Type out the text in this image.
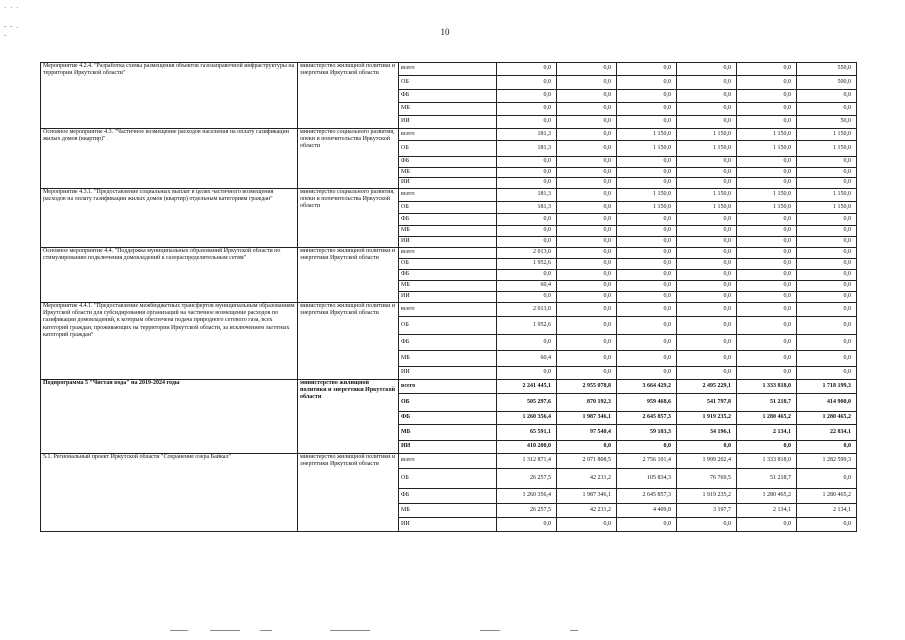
· · ·

‐ ‐ .
‐	10
Мероприятие 4.2.4. "Разработка схемы размещения объектов газозаправочной инфраструктуры на территории Иркутской области"	министерство жилищной политики и энергетики Иркутской области	всего	0,0	0,0	0,0	0,0	0,0	550,0
		ОБ	0,0	0,0	0,0	0,0	0,0	500,0
		ФБ	0,0	0,0	0,0	0,0	0,0	0,0
		МБ	0,0	0,0	0,0	0,0	0,0	0,0
		ИИ	0,0	0,0	0,0	0,0	0,0	50,0
Основное мероприятие 4.3. "Частичное возмещение расходов населения на оплату газификации жилых домов (квартир)"	министерство социального развития, опеки и попечительства Иркутской области	всего	181,3	0,0	1 150,0	1 150,0	1 150,0	1 150,0
		ОБ	181,3	0,0	1 150,0	1 150,0	1 150,0	1 150,0
		ФБ	0,0	0,0	0,0	0,0	0,0	0,0
		МБ	0,0	0,0	0,0	0,0	0,0	0,0
		ИИ	0,0	0,0	0,0	0,0	0,0	0,0
Мероприятие 4.3.1. "Предоставление социальных выплат в целях частичного возмещения расходов на оплату газификации жилых домов (квартир) отдельным категориям граждан"	министерство социального развития, опеки и попечительства Иркутской области	всего	181,3	0,0	1 150,0	1 150,0	1 150,0	1 150,0
		ОБ	181,3	0,0	1 150,0	1 150,0	1 150,0	1 150,0
		ФБ	0,0	0,0	0,0	0,0	0,0	0,0
		МБ	0,0	0,0	0,0	0,0	0,0	0,0
		ИИ	0,0	0,0	0,0	0,0	0,0	0,0
Основное мероприятие 4.4. "Поддержка муниципальных образований Иркутской области по стимулированию подключения домовладений к газораспределительным сетям"	министерство жилищной политики и энергетики Иркутской области	всего	2 013,0	0,0	0,0	0,0	0,0	0,0
		ОБ	1 952,6	0,0	0,0	0,0	0,0	0,0
		ФБ	0,0	0,0	0,0	0,0	0,0	0,0
		МБ	60,4	0,0	0,0	0,0	0,0	0,0
		ИИ	0,0	0,0	0,0	0,0	0,0	0,0
Мероприятие 4.4.1. "Предоставление межбюджетных трансфертов муниципальным образованиям Иркутской области для субсидирования организаций на частичное возмещение расходов по газификации домовладений, к которым обеспечена подача природного сетевого газа, всех категорий граждан, проживающих на территории Иркутской области, за исключением льготных категорий граждан"	министерство жилищной политики и энергетики Иркутской области	всего	2 013,0	0,0	0,0	0,0	0,0	0,0
		ОБ	1 952,6	0,0	0,0	0,0	0,0	0,0
		ФБ	0,0	0,0	0,0	0,0	0,0	0,0
		МБ	60,4	0,0	0,0	0,0	0,0	0,0
		ИИ	0,0	0,0	0,0	0,0	0,0	0,0
Подпрограмма 5 "Чистая вода" на 2019-2024 годы	министерство жилищной политики и энергетики Иркутской области	всего	2 241 445,1	2 955 078,8	3 664 429,2	2 495 229,1	1 333 818,0	1 718 199,3
		ОБ	505 297,6	870 192,3	959 468,6	541 797,8	51 218,7	414 900,0
		ФБ	1 260 356,4	1 987 346,1	2 645 857,3	1 919 235,2	1 280 465,2	1 280 465,2
		МБ	65 591,1	97 540,4	59 103,3	34 196,1	2 134,1	22 834,1
		ИИ	410 200,0	0,0	0,0	0,0	0,0	0,0
5.1. Региональный проект Иркутской области "Сохранение озера Байкал"	министерство жилищной политики и энергетики Иркутской области	всего	1 312 871,4	2 071 808,5	2 756 101,4	1 999 202,4	1 333 818,0	1 282 599,3
		ОБ	26 257,5	42 231,2	105 834,3	76 769,5	51 218,7	0,0
		ФБ	1 260 356,4	1 987 346,1	2 645 857,3	1 919 235,2	1 280 465,2	1 280 465,2
		МБ	26 257,5	42 231,2	4 409,8	3 197,7	2 134,1	2 134,1
		ИИ	0,0	0,0	0,0	0,0	0,0	0,0
